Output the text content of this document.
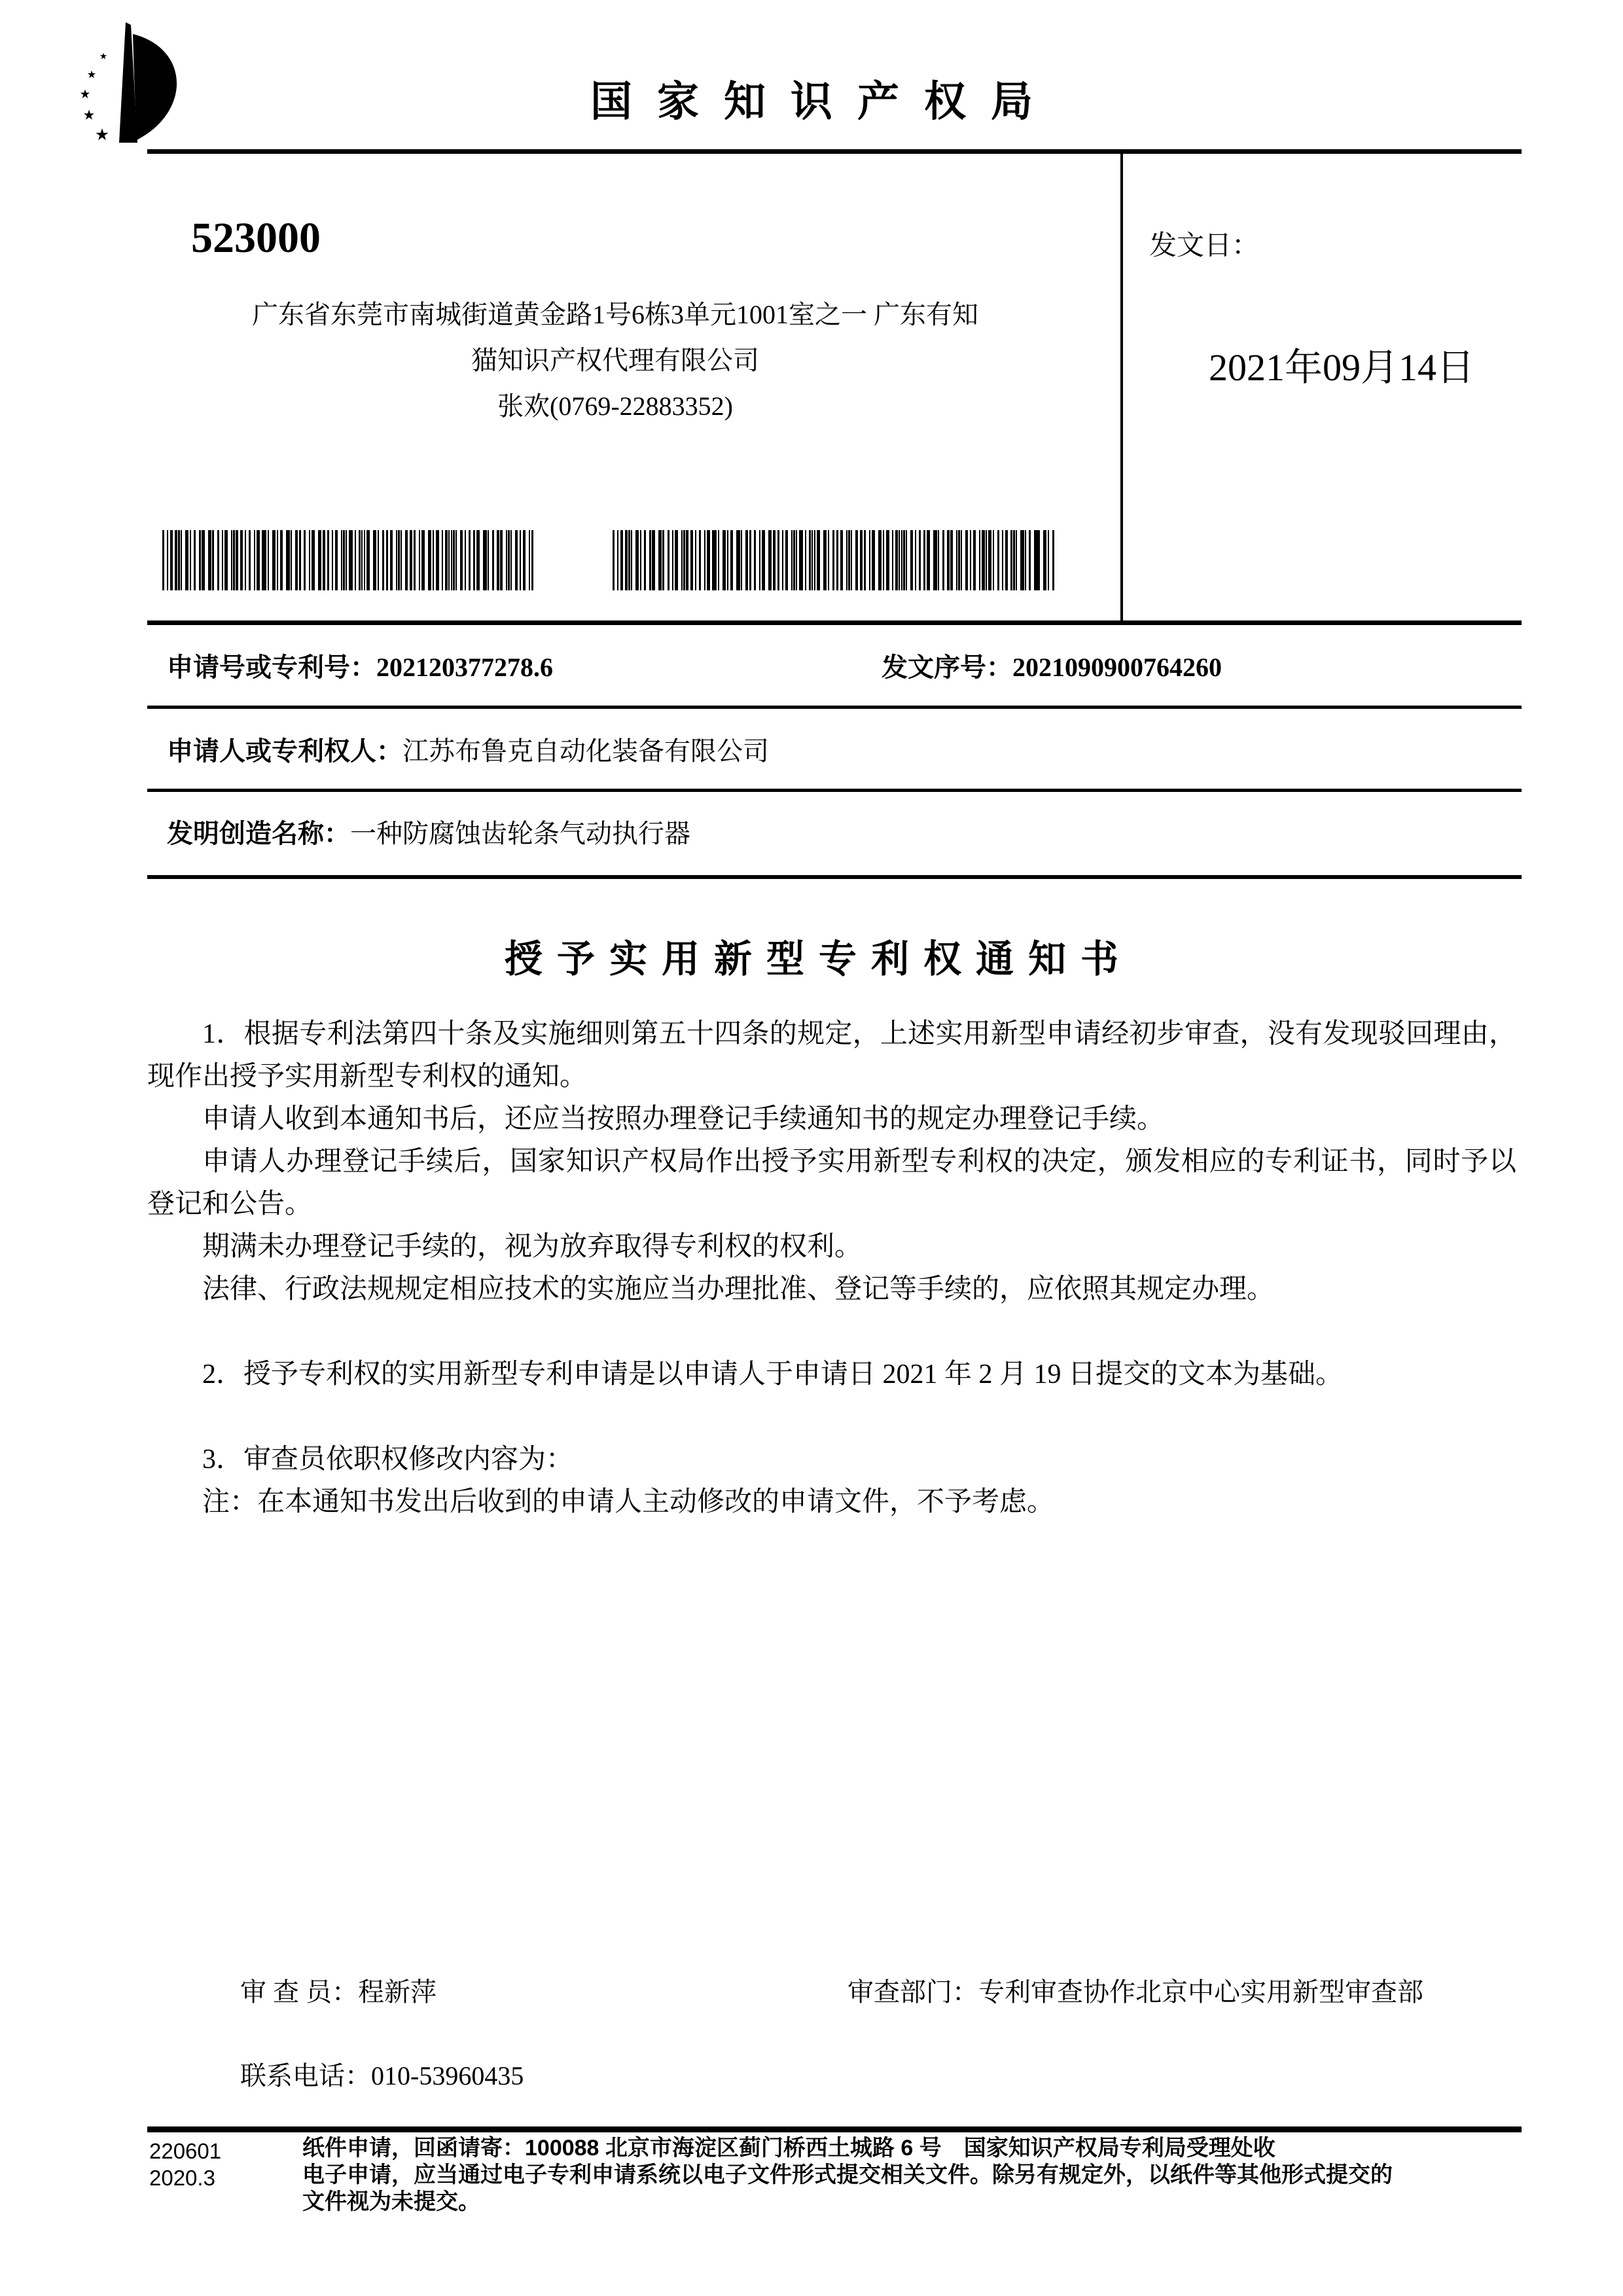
国家知识产权局
523000
广东省东莞市南城街道黄金路1号6栋3单元1001室之一 广东有知
猫知识产权代理有限公司
张欢(0769-22883352)
发文日：
2021年09月14日
申请号或专利号：202120377278.6	发文序号：2021090900764260
申请人或专利权人：江苏布鲁克自动化装备有限公司
发明创造名称：一种防腐蚀齿轮条气动执行器
授予实用新型专利权通知书

1．根据专利法第四十条及实施细则第五十四条的规定，上述实用新型申请经初步审查，没有发现驳回理由，现作出授予实用新型专利权的通知。

申请人收到本通知书后，还应当按照办理登记手续通知书的规定办理登记手续。

申请人办理登记手续后，国家知识产权局作出授予实用新型专利权的决定，颁发相应的专利证书，同时予以登记和公告。

期满未办理登记手续的，视为放弃取得专利权的权利。

法律、行政法规规定相应技术的实施应当办理批准、登记等手续的，应依照其规定办理。

2．授予专利权的实用新型专利申请是以申请人于申请日 2021 年 2 月 19 日提交的文本为基础。

3．审查员依职权修改内容为：

注：在本通知书发出后收到的申请人主动修改的申请文件，不予考虑。

审 查 员：程新萍	审查部门：专利审查协作北京中心实用新型审查部
联系电话：010-53960435
220601
2020.3
纸件申请，回函请寄：100088 北京市海淀区蓟门桥西土城路 6 号　国家知识产权局专利局受理处收
电子申请，应当通过电子专利申请系统以电子文件形式提交相关文件。除另有规定外，以纸件等其他形式提交的
文件视为未提交。
